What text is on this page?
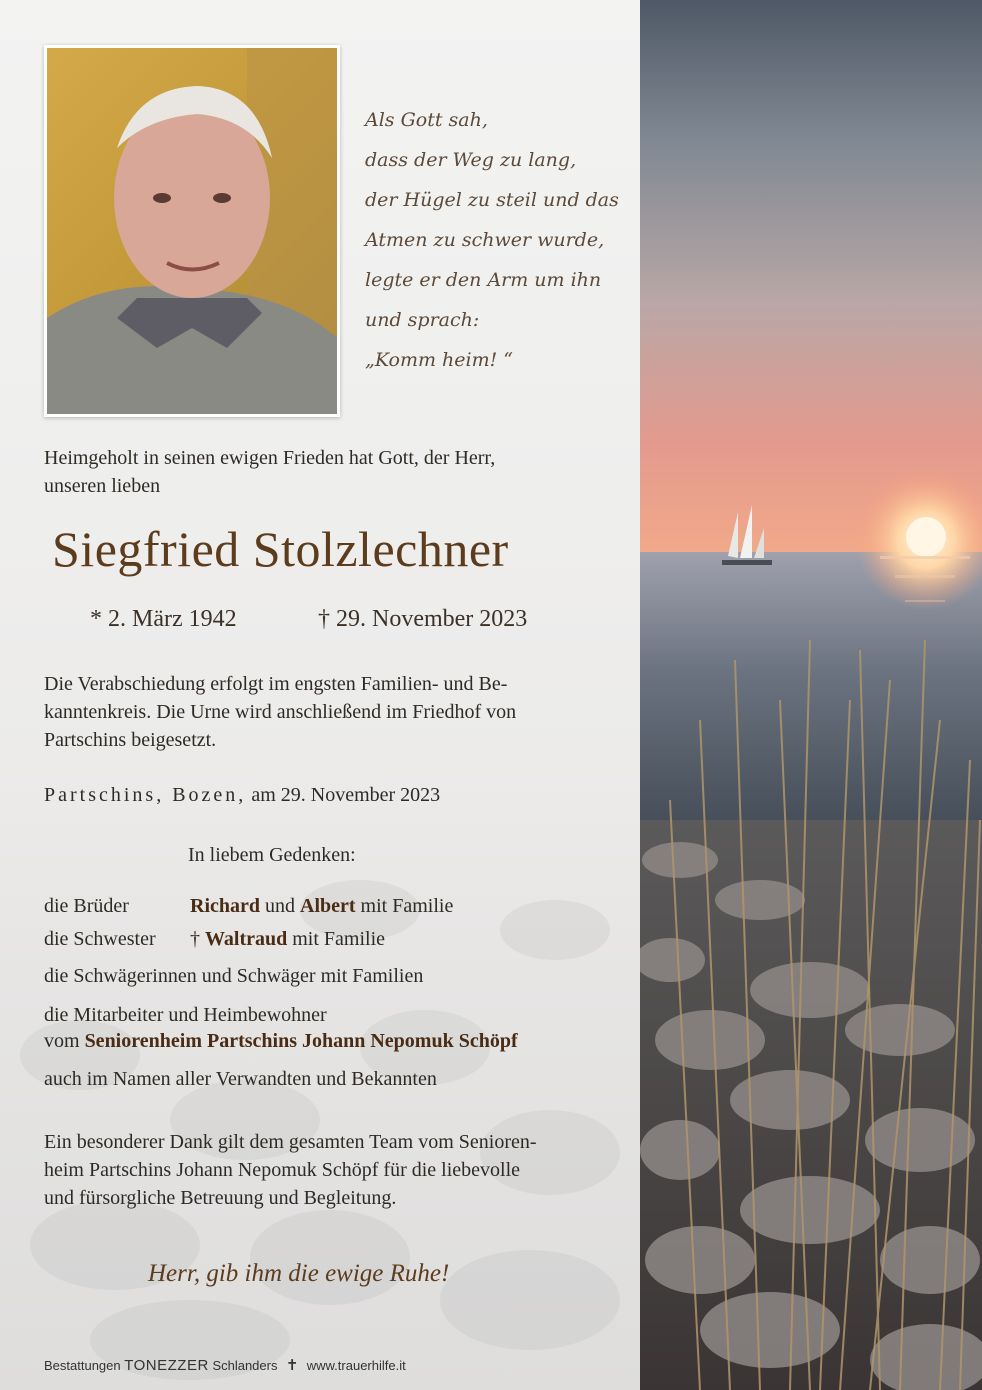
Als Gott sah,
dass der Weg zu lang,
der Hügel zu steil und das
Atmen zu schwer wurde,
legte er den Arm um ihn
und sprach:
„Komm heim! “
Heimgeholt in seinen ewigen Frieden hat Gott, der Herr,
unseren lieben
Siegfried Stolzlechner
* 2. März 1942	† 29. November 2023
Die Verabschiedung erfolgt im engsten Familien- und Be-
kanntenkreis. Die Urne wird anschließend im Friedhof von
Partschins beigesetzt.
Partschins, Bozen, am 29. November 2023
In liebem Gedenken:
die Brüder	Richard und Albert mit Familie
die Schwester † Waltraud mit Familie
die Schwägerinnen und Schwäger mit Familien
die Mitarbeiter und Heimbewohner
vom Seniorenheim Partschins Johann Nepomuk Schöpf
auch im Namen aller Verwandten und Bekannten
Ein besonderer Dank gilt dem gesamten Team vom Senioren-
heim Partschins Johann Nepomuk Schöpf für die liebevolle
und fürsorgliche Betreuung und Begleitung.
Herr, gib ihm die ewige Ruhe!
Bestattungen TONEZZER Schlanders ✝ www.trauerhilfe.it
